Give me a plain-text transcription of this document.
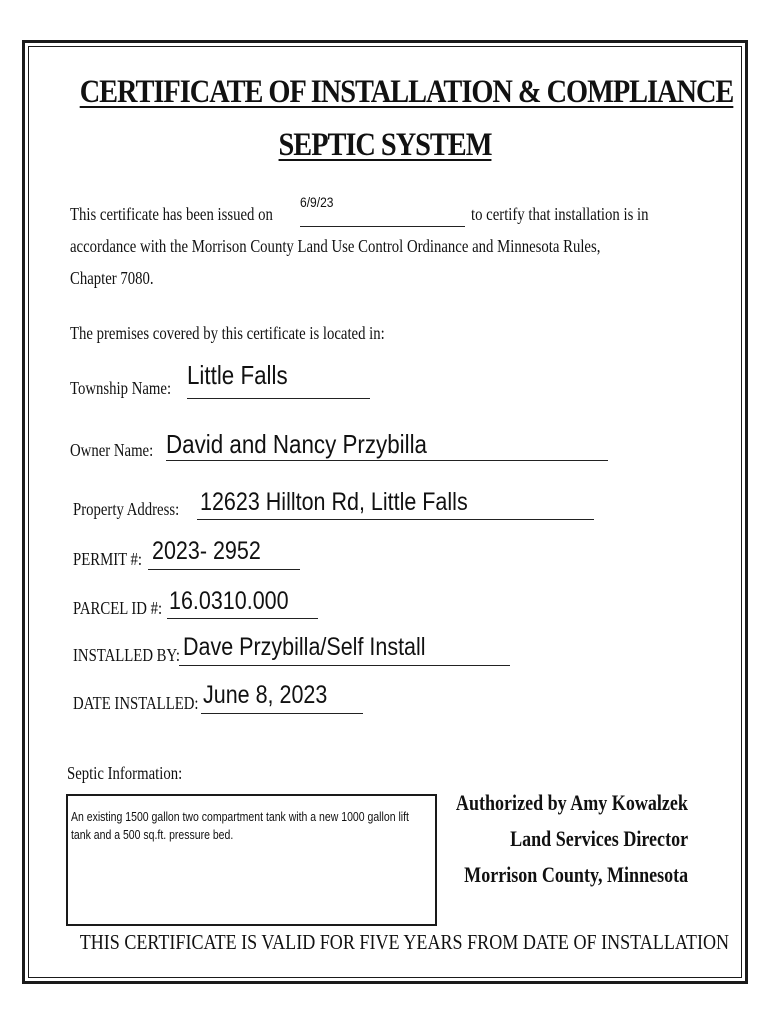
CERTIFICATE OF INSTALLATION & COMPLIANCE
SEPTIC SYSTEM
This certificate has been issued on
6/9/23
to certify that installation is in
accordance with the Morrison County Land Use Control Ordinance and Minnesota Rules,
Chapter 7080.
The premises covered by this certificate is located in:
Township Name: Little Falls
Owner Name: David and Nancy Przybilla
Property Address: 12623 Hillton Rd, Little Falls
PERMIT #: 2023- 2952
PARCEL ID #: 16.0310.000
INSTALLED BY: Dave Przybilla/Self Install
DATE INSTALLED: June 8, 2023
Septic Information:
An existing 1500 gallon two compartment tank with a new 1000 gallon lift tank and a 500 sq.ft. pressure bed.
Authorized by Amy Kowalzek
Land Services Director
Morrison County, Minnesota
THIS CERTIFICATE IS VALID FOR FIVE YEARS FROM DATE OF INSTALLATION
